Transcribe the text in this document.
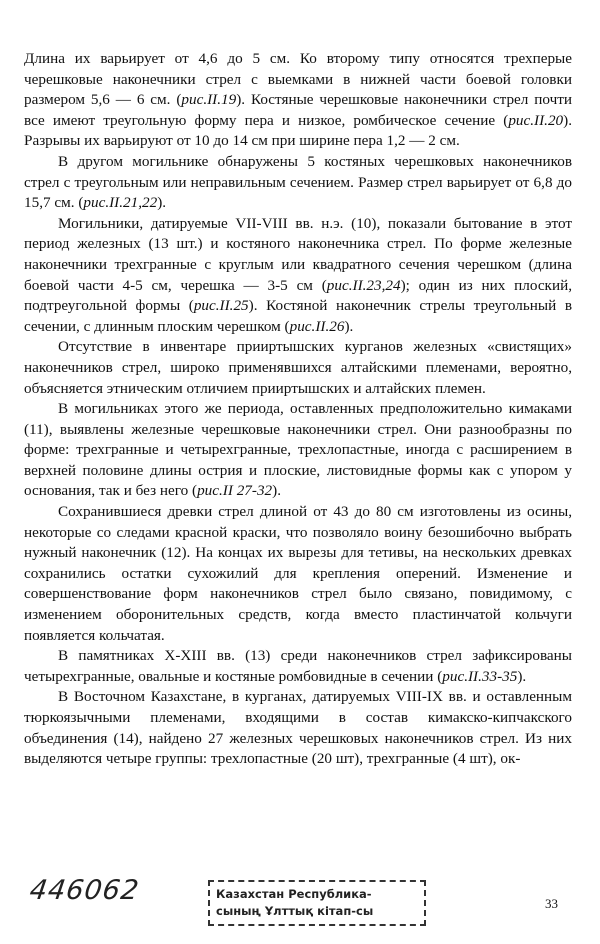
Длина их варьирует от 4,6 до 5 см. Ко второму типу относятся трехперые черешковые наконечники стрел с выемками в нижней части боевой головки размером 5,6 — 6 см. (рис.II.19). Костяные черешковые наконечники стрел почти все имеют треугольную форму пера и низкое, ромбическое сечение (рис.II.20). Разрывы их варьируют от 10 до 14 см при ширине пера 1,2 — 2 см.

В другом могильнике обнаружены 5 костяных черешковых наконечников стрел с треугольным или неправильным сечением. Размер стрел варьирует от 6,8 до 15,7 см. (рис.II.21,22).

Могильники, датируемые VII-VIII вв. н.э. (10), показали бытование в этот период железных (13 шт.) и костяного наконечника стрел. По форме железные наконечники трехгранные с круглым или квадратного сечения черешком (длина боевой части 4-5 см, черешка — 3-5 см (рис.II.23,24); один из них плоский, подтреугольной формы (рис.II.25). Костяной наконечник стрелы треугольный в сечении, с длинным плоским черешком (рис.II.26).

Отсутствие в инвентаре прииртышских курганов железных «свистящих» наконечников стрел, широко применявшихся алтайскими племенами, вероятно, объясняется этническим отличием прииртышских и алтайских племен.

В могильниках этого же периода, оставленных предположительно кимаками (11), выявлены железные черешковые наконечники стрел. Они разнообразны по форме: трехгранные и четырехгранные, трехлопастные, иногда с расширением в верхней половине длины острия и плоские, листовидные формы как с упором у основания, так и без него (рис.II 27-32).

Сохранившиеся древки стрел длиной от 43 до 80 см изготовлены из осины, некоторые со следами красной краски, что позволяло воину безошибочно выбрать нужный наконечник (12). На концах их вырезы для тетивы, на нескольких древках сохранились остатки сухожилий для крепления оперений. Изменение и совершенствование форм наконечников стрел было связано, повидимому, с изменением оборонительных средств, когда вместо пластинчатой кольчуги появляется кольчатая.

В памятниках X-XIII вв. (13) среди наконечников стрел зафиксированы четырехгранные, овальные и костяные ромбовидные в сечении (рис.II.33-35).

В Восточном Казахстане, в курганах, датируемых VIII-IX вв. и оставленным тюркоязычными племенами, входящими в состав кимакско-кипчакского объединения (14), найдено 27 железных черешковых наконечников стрел. Из них выделяются четыре группы: трехлопастные (20 шт), трехгранные (4 шт), ок-

446062	Казахстан Республика-
сының Ұлттық кітап-сы	33
